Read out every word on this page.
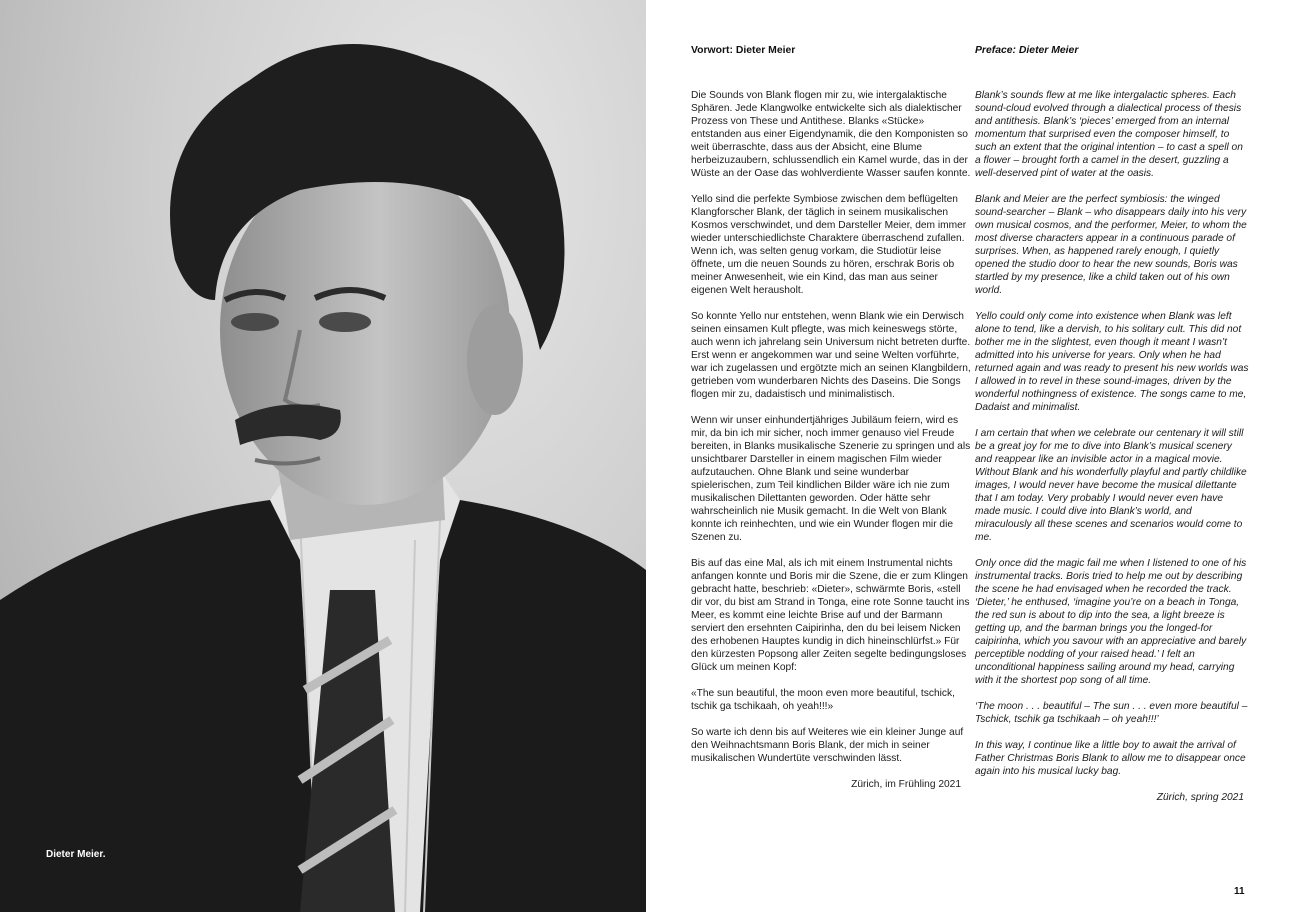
Dieter Meier.
Vorwort: Dieter Meier

Die Sounds von Blank flogen mir zu, wie intergalaktische Sphären. Jede Klangwolke entwickelte sich als dialektischer Prozess von These und Antithese. Blanks «Stücke» entstanden aus einer Eigendynamik, die den Komponisten so weit überraschte, dass aus der Absicht, eine Blume herbeizuzaubern, schlussendlich ein Kamel wurde, das in der Wüste an der Oase das wohlverdiente Wasser saufen konnte.

Yello sind die perfekte Symbiose zwischen dem beflügelten Klangforscher Blank, der täglich in seinem musikalischen Kosmos verschwindet, und dem Darsteller Meier, dem immer wieder unterschiedlichste Charaktere überraschend zufallen. Wenn ich, was selten genug vorkam, die Studiotür leise öffnete, um die neuen Sounds zu hören, erschrak Boris ob meiner Anwesenheit, wie ein Kind, das man aus seiner eigenen Welt herausholt.

So konnte Yello nur entstehen, wenn Blank wie ein Derwisch seinen einsamen Kult pflegte, was mich keineswegs störte, auch wenn ich jahrelang sein Universum nicht betreten durfte. Erst wenn er angekommen war und seine Welten vorführte, war ich zugelassen und ergötzte mich an seinen Klangbildern, getrieben vom wunderbaren Nichts des Daseins. Die Songs flogen mir zu, dadaistisch und minimalistisch.

Wenn wir unser einhundertjähriges Jubiläum feiern, wird es mir, da bin ich mir sicher, noch immer genauso viel Freude bereiten, in Blanks musikalische Szenerie zu springen und als unsichtbarer Darsteller in einem magischen Film wieder aufzutauchen. Ohne Blank und seine wunderbar spielerischen, zum Teil kindlichen Bilder wäre ich nie zum musikalischen Dilettanten geworden. Oder hätte sehr wahrscheinlich nie Musik gemacht. In die Welt von Blank konnte ich reinhechten, und wie ein Wunder flogen mir die Szenen zu.

Bis auf das eine Mal, als ich mit einem Instrumental nichts anfangen konnte und Boris mir die Szene, die er zum Klingen gebracht hatte, beschrieb: «Dieter», schwärmte Boris, «stell dir vor, du bist am Strand in Tonga, eine rote Sonne taucht ins Meer, es kommt eine leichte Brise auf und der Barmann serviert den ersehnten Caipirinha, den du bei leisem Nicken des erhobenen Hauptes kundig in dich hineinschlürfst.» Für den kürzesten Popsong aller Zeiten segelte bedingungsloses Glück um meinen Kopf:

«The sun beautiful, the moon even more beautiful, tschick, tschik ga tschikaah, oh yeah!!!»

So warte ich denn bis auf Weiteres wie ein kleiner Junge auf den Weihnachtsmann Boris Blank, der mich in seiner musikalischen Wundertüte verschwinden lässt.

Zürich, im Frühling 2021

Preface: Dieter Meier

Blank’s sounds flew at me like intergalactic spheres. Each sound-cloud evolved through a dialectical process of thesis and antithesis. Blank’s ‘pieces’ emerged from an internal momentum that surprised even the composer himself, to such an extent that the original intention – to cast a spell on a flower – brought forth a camel in the desert, guzzling a well-deserved pint of water at the oasis.

Blank and Meier are the perfect symbiosis: the winged sound-searcher – Blank – who disappears daily into his very own musical cosmos, and the performer, Meier, to whom the most diverse characters appear in a continuous parade of surprises. When, as happened rarely enough, I quietly opened the studio door to hear the new sounds, Boris was startled by my presence, like a child taken out of his own world.

Yello could only come into existence when Blank was left alone to tend, like a dervish, to his solitary cult. This did not bother me in the slightest, even though it meant I wasn’t admitted into his universe for years. Only when he had returned again and was ready to present his new worlds was I allowed in to revel in these sound-images, driven by the wonderful nothingness of existence. The songs came to me, Dadaist and minimalist.

I am certain that when we celebrate our centenary it will still be a great joy for me to dive into Blank’s musical scenery and reappear like an invisible actor in a magical movie. Without Blank and his wonderfully playful and partly childlike images, I would never have become the musical dilettante that I am today. Very probably I would never even have made music. I could dive into Blank’s world, and miraculously all these scenes and scenarios would come to me.

Only once did the magic fail me when I listened to one of his instrumental tracks. Boris tried to help me out by describing the scene he had envisaged when he recorded the track. ‘Dieter,’ he enthused, ‘imagine you’re on a beach in Tonga, the red sun is about to dip into the sea, a light breeze is getting up, and the barman brings you the longed-for caipirinha, which you savour with an appreciative and barely perceptible nodding of your raised head.’ I felt an unconditional happiness sailing around my head, carrying with it the shortest pop song of all time.

‘The moon . . . beautiful – The sun . . . even more beautiful – Tschick, tschik ga tschikaah – oh yeah!!!’

In this way, I continue like a little boy to await the arrival of Father Christmas Boris Blank to allow me to disappear once again into his musical lucky bag.

Zürich, spring 2021

11
